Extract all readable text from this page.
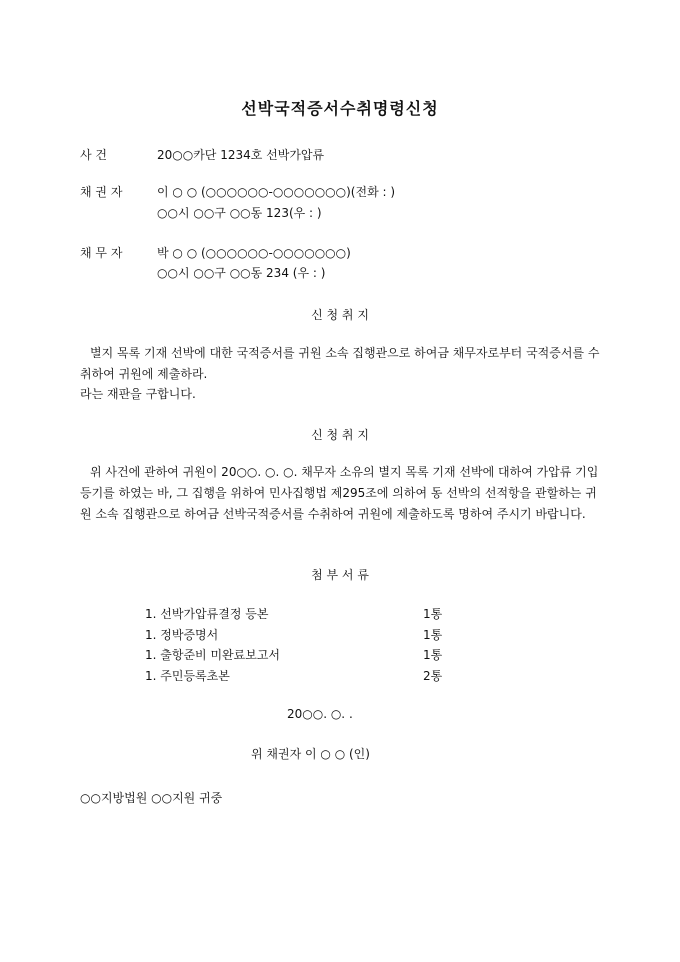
선박국적증서수취명령신청
사 건	20○○카단 1234호 선박가압류
채 권 자	이 ○ ○ (○○○○○○-○○○○○○○)(전화 : )
○○시 ○○구 ○○동 123(우 : )
채 무 자	박 ○ ○ (○○○○○○-○○○○○○○)
○○시 ○○구 ○○동 234 (우 : )
신 청 취 지
별지 목록 기재 선박에 대한 국적증서를 귀원 소속 집행관으로 하여금 채무자로부터 국적증서를 수취하여 귀원에 제출하라.
라는 재판을 구합니다.
신 청 취 지
위 사건에 관하여 귀원이 20○○. ○. ○. 채무자 소유의 별지 목록 기재 선박에 대하여 가압류 기입등기를 하였는 바, 그 집행을 위하여 민사집행법 제295조에 의하여 동 선박의 선적항을 관할하는 귀원 소속 집행관으로 하여금 선박국적증서를 수취하여 귀원에 제출하도록 명하여 주시기 바랍니다.
첨 부 서 류
1. 선박가압류결정 등본	1통
1. 정박증명서	1통
1. 출항준비 미완료보고서	1통
1. 주민등록초본	2통
20○○. ○. .
위 채권자 이 ○ ○ (인)
○○지방법원 ○○지원 귀중
